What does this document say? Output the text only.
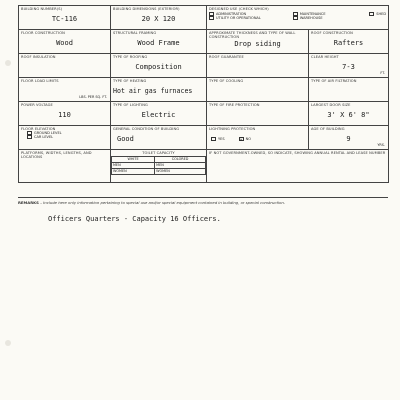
BUILDING NUMBER(S)
TC-116

BUILDING DIMENSIONS (EXTERIOR)
20 X 120

DESIGNED USE (CHECK WHICH)
ADMINISTRATION	MAINTENANCE
UTILITY OR OPERATIONAL	WAREHOUSE
SHED

FLOOR CONSTRUCTION
Wood

STRUCTURAL FRAMING
Wood Frame

APPROXIMATE THICKNESS AND TYPE OF WALL CONSTRUCTION
Drop siding

ROOF CONSTRUCTION
Rafters

ROOF INSULATION	TYPE OF ROOFING
Composition

ROOF GUARANTEE	CLEAR HEIGHT
7-3
FT.

FLOOR LOAD LIMITS
LBS. PER SQ. FT.

TYPE OF HEATING
Hot air gas furnaces

TYPE OF COOLING	TYPE OF AIR FILTRATION

POWER VOLTAGE
110

TYPE OF LIGHTING
Electric

TYPE OF FIRE PROTECTION	LARGEST DOOR SIZE
3' X 6' 8"

FLOOR ELEVATION
GROUND LEVEL
CAR LEVEL

GENERAL CONDITION OF BUILDING
Good

LIGHTNING PROTECTION
YES
✕	NO

AGE OF BUILDING
9
YRS.

PLATFORMS, WIDTHS, LENGTHS, AND LOCATIONS

TOILET CAPACITY
WHITE	COLORED
MEN	MEN
WOMEN	WOMEN

IF NOT GOVERNMENT-OWNED, SO INDICATE, SHOWING ANNUAL RENTAL AND LEASE NUMBER
REMARKS – Include here only information pertaining to special use and/or special equipment contained in building, or special construction.
Officers Quarters - Capacity 16 Officers.
